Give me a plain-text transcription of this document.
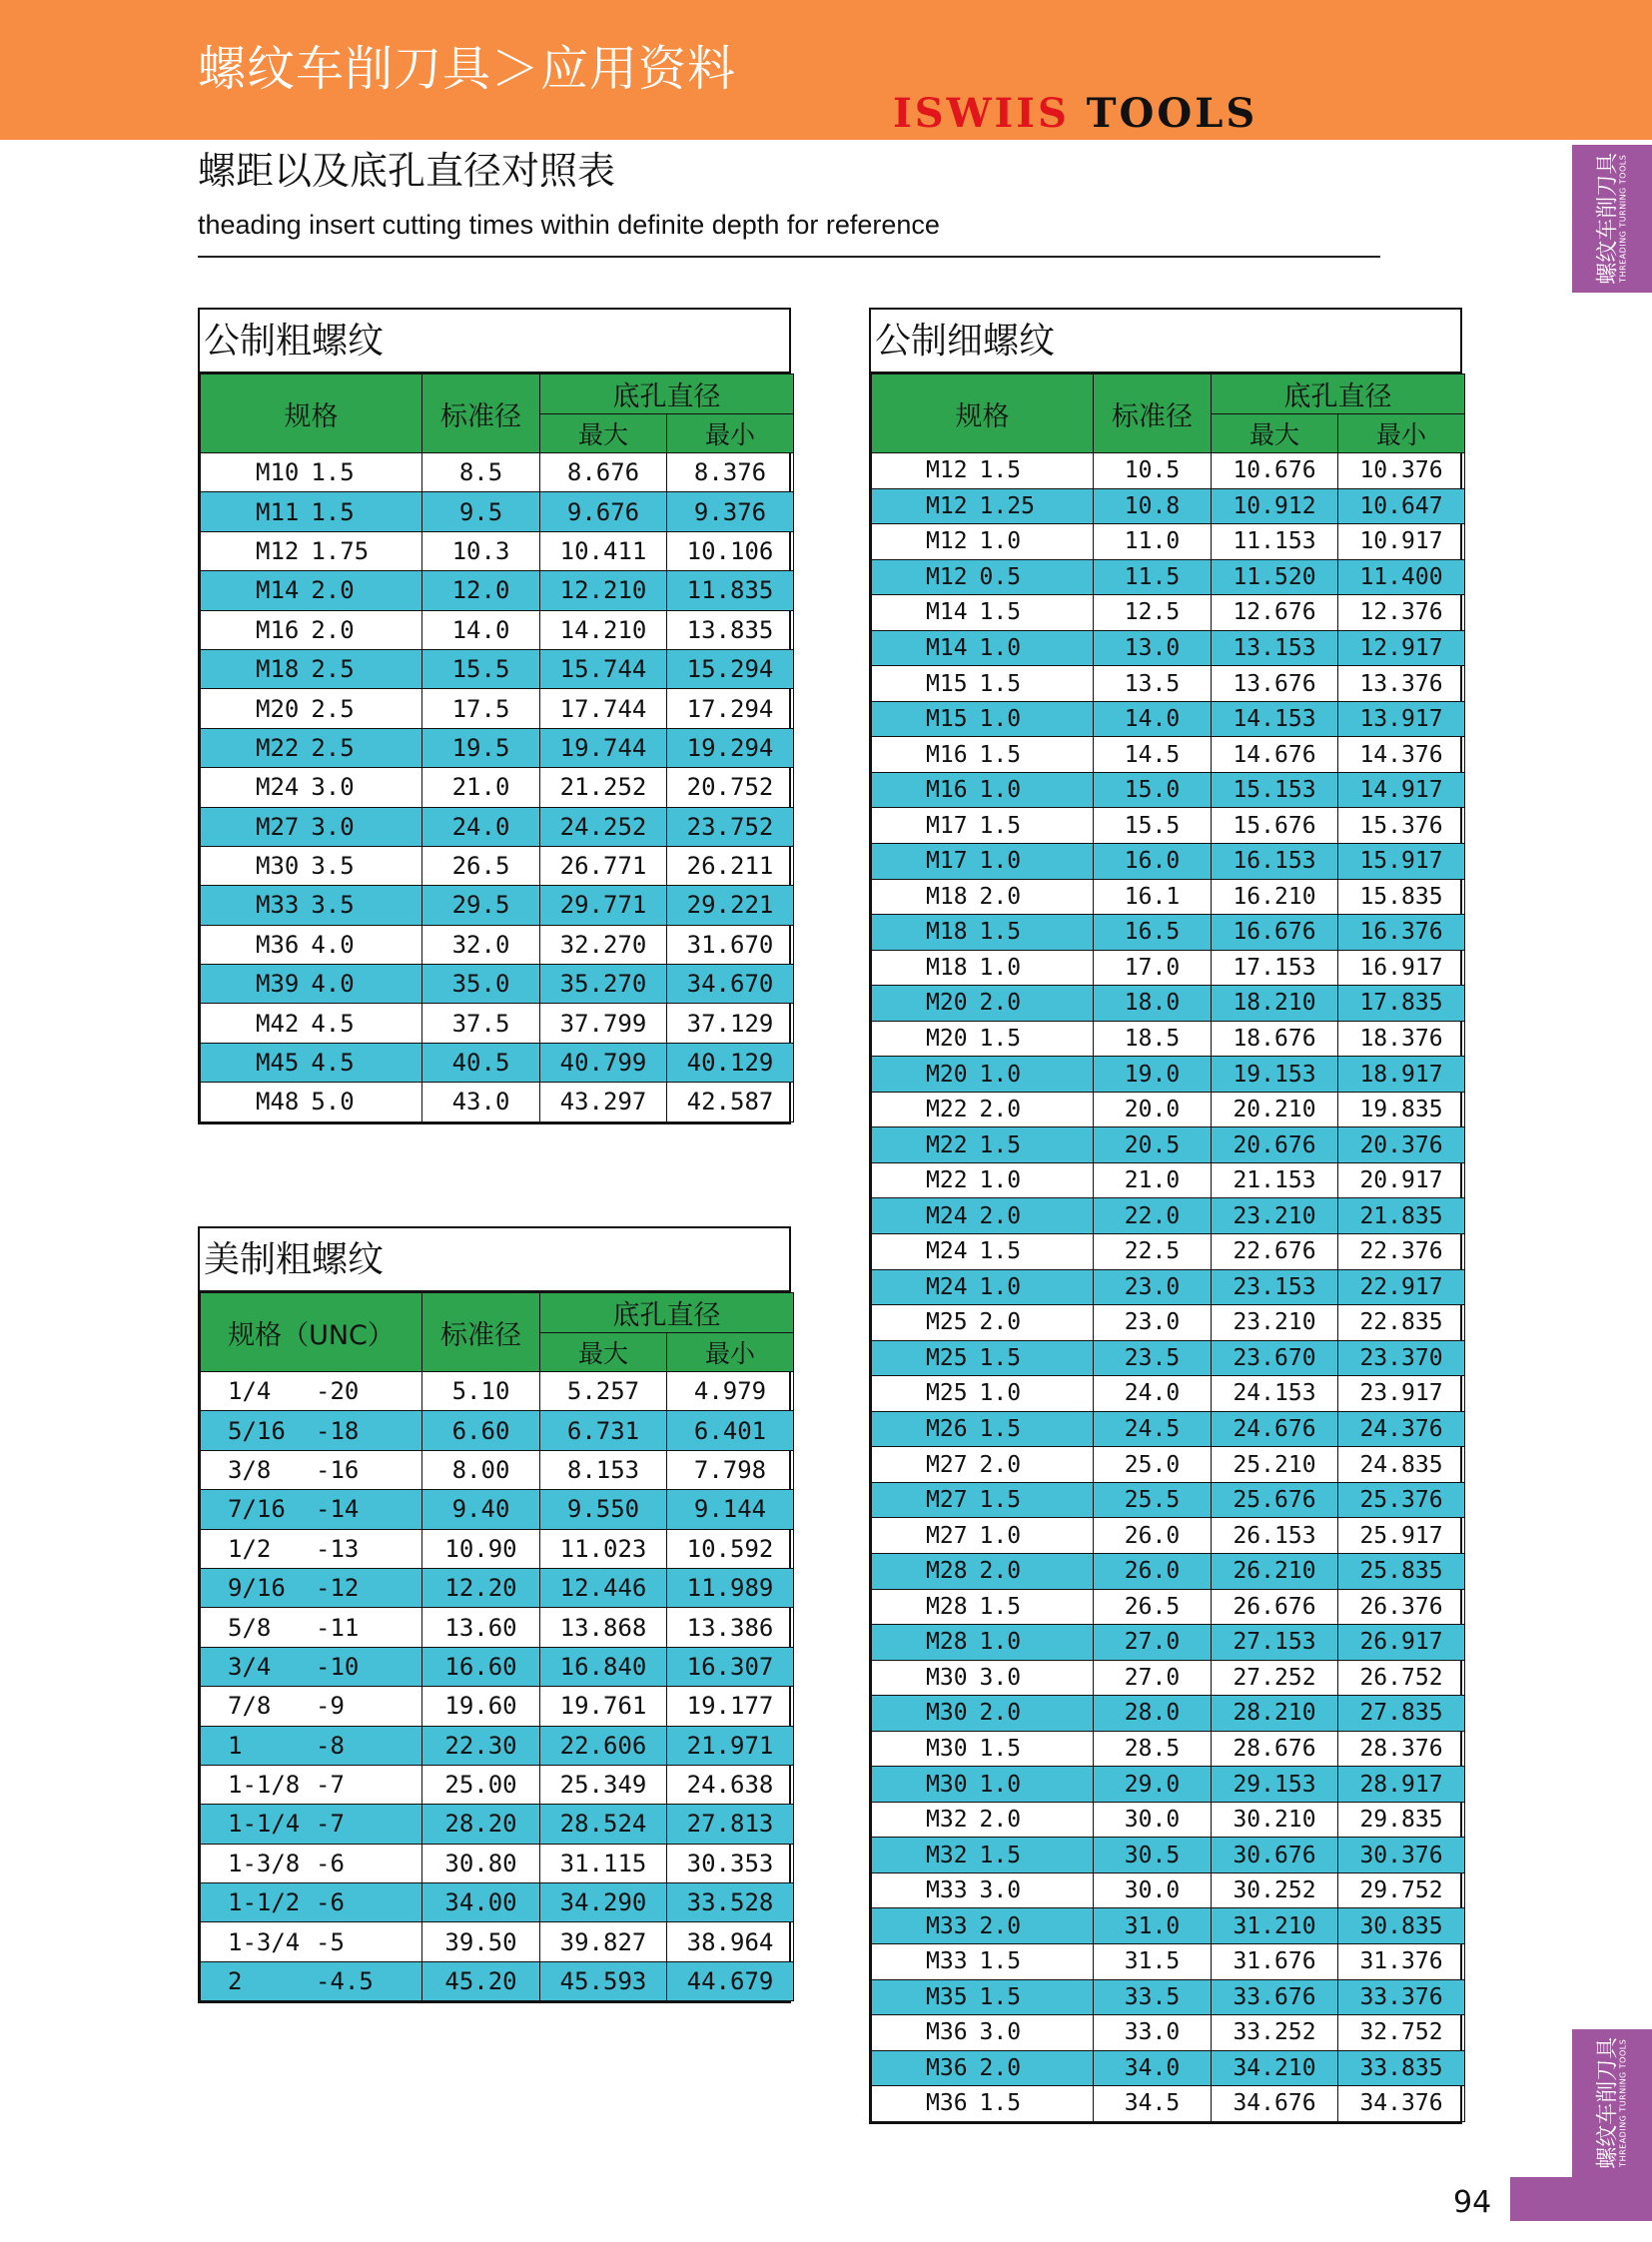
螺纹车削刀具＞应用资料
ISWIIS TOOLS
螺距以及底孔直径对照表
theading insert cutting times within definite depth for reference	螺纹车削刀具
THREADING TURNING TOOLS
螺纹车削刀具
THREADING TURNING TOOLS
公制粗螺纹
规格	标准径	底孔直径	
		最大	最小
M10  1.5	8.5	8.676	8.376
M11  1.5	9.5	9.676	9.376
M12  1.75	10.3	10.411	10.106
M14  2.0	12.0	12.210	11.835
M16  2.0	14.0	14.210	13.835
M18  2.5	15.5	15.744	15.294
M20  2.5	17.5	17.744	17.294
M22  2.5	19.5	19.744	19.294
M24  3.0	21.0	21.252	20.752
M27  3.0	24.0	24.252	23.752
M30  3.5	26.5	26.771	26.211
M33  3.5	29.5	29.771	29.221
M36  4.0	32.0	32.270	31.670
M39  4.0	35.0	35.270	34.670
M42  4.5	37.5	37.799	37.129
M45  4.5	40.5	40.799	40.129
M48  5.0	43.0	43.297	42.587
美制粗螺纹
规格（UNC）	标准径	底孔直径	
		最大	最小
1/4  -20	5.10	5.257	4.979
5/16  -18	6.60	6.731	6.401
3/8  -16	8.00	8.153	7.798
7/16  -14	9.40	9.550	9.144
1/2  -13	10.90	11.023	10.592
9/16  -12	12.20	12.446	11.989
5/8  -11	13.60	13.868	13.386
3/4  -10	16.60	16.840	16.307
7/8  -9	19.60	19.761	19.177
1  -8	22.30	22.606	21.971
1-1/8  -7	25.00	25.349	24.638
1-1/4  -7	28.20	28.524	27.813
1-3/8  -6	30.80	31.115	30.353
1-1/2  -6	34.00	34.290	33.528
1-3/4  -5	39.50	39.827	38.964
2  -4.5	45.20	45.593	44.679
公制细螺纹
规格	标准径	底孔直径	
		最大	最小
M12  1.5	10.5	10.676	10.376
M12  1.25	10.8	10.912	10.647
M12  1.0	11.0	11.153	10.917
M12  0.5	11.5	11.520	11.400
M14  1.5	12.5	12.676	12.376
M14  1.0	13.0	13.153	12.917
M15  1.5	13.5	13.676	13.376
M15  1.0	14.0	14.153	13.917
M16  1.5	14.5	14.676	14.376
M16  1.0	15.0	15.153	14.917
M17  1.5	15.5	15.676	15.376
M17  1.0	16.0	16.153	15.917
M18  2.0	16.1	16.210	15.835
M18  1.5	16.5	16.676	16.376
M18  1.0	17.0	17.153	16.917
M20  2.0	18.0	18.210	17.835
M20  1.5	18.5	18.676	18.376
M20  1.0	19.0	19.153	18.917
M22  2.0	20.0	20.210	19.835
M22  1.5	20.5	20.676	20.376
M22  1.0	21.0	21.153	20.917
M24  2.0	22.0	23.210	21.835
M24  1.5	22.5	22.676	22.376
M24  1.0	23.0	23.153	22.917
M25  2.0	23.0	23.210	22.835
M25  1.5	23.5	23.670	23.370
M25  1.0	24.0	24.153	23.917
M26  1.5	24.5	24.676	24.376
M27  2.0	25.0	25.210	24.835
M27  1.5	25.5	25.676	25.376
M27  1.0	26.0	26.153	25.917
M28  2.0	26.0	26.210	25.835
M28  1.5	26.5	26.676	26.376
M28  1.0	27.0	27.153	26.917
M30  3.0	27.0	27.252	26.752
M30  2.0	28.0	28.210	27.835
M30  1.5	28.5	28.676	28.376
M30  1.0	29.0	29.153	28.917
M32  2.0	30.0	30.210	29.835
M32  1.5	30.5	30.676	30.376
M33  3.0	30.0	30.252	29.752
M33  2.0	31.0	31.210	30.835
M33  1.5	31.5	31.676	31.376
M35  1.5	33.5	33.676	33.376
M36  3.0	33.0	33.252	32.752
M36  2.0	34.0	34.210	33.835
M36  1.5	34.5	34.676	34.376
94
